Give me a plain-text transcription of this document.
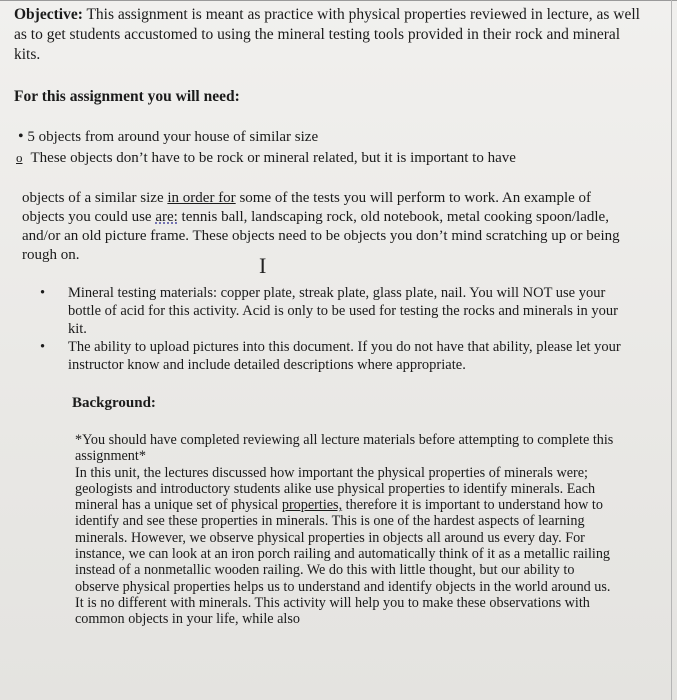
Objective: This assignment is meant as practice with physical properties reviewed in lecture, as well as to get students accustomed to using the mineral testing tools provided in their rock and mineral kits.

For this assignment you will need:

• 5 objects from around your house of similar size

o These objects don’t have to be rock or mineral related, but it is important to have

objects of a similar size in order for some of the tests you will perform to work. An example of objects you could use are: tennis ball, landscaping rock, old notebook, metal cooking spoon/ladle, and/or an old picture frame. These objects need to be objects you don’t mind scratching up or being rough on.	I
• Mineral testing materials: copper plate, streak plate, glass plate, nail. You will NOT use your bottle of acid for this activity. Acid is only to be used for testing the rocks and minerals in your kit.
• The ability to upload pictures into this document. If you do not have that ability, please let your instructor know and include detailed descriptions where appropriate.

Background:

*You should have completed reviewing all lecture materials before attempting to complete this assignment*

In this unit, the lectures discussed how important the physical properties of minerals were; geologists and introductory students alike use physical properties to identify minerals. Each mineral has a unique set of physical properties, therefore it is important to understand how to identify and see these properties in minerals. This is one of the hardest aspects of learning minerals. However, we observe physical properties in objects all around us every day. For instance, we can look at an iron porch railing and automatically think of it as a metallic railing instead of a nonmetallic wooden railing. We do this with little thought, but our ability to observe physical properties helps us to understand and identify objects in the world around us. It is no different with minerals. This activity will help you to make these observations with common objects in your life, while also
